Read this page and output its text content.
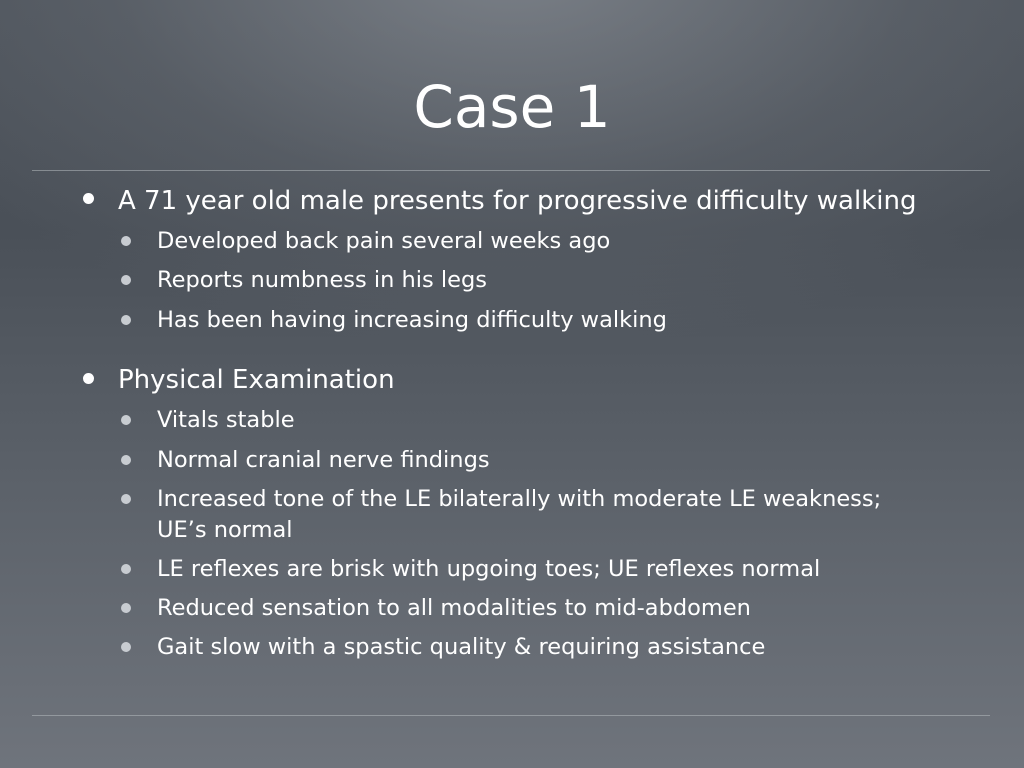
Case 1
A 71 year old male presents for progressive difficulty walking
Developed back pain several weeks ago
Reports numbness in his legs
Has been having increasing difficulty walking
Physical Examination
Vitals stable
Normal cranial nerve findings
Increased tone of the LE bilaterally with moderate LE weakness;
UE’s normal
LE reflexes are brisk with upgoing toes; UE reflexes normal
Reduced sensation to all modalities to mid-abdomen
Gait slow with a spastic quality & requiring assistance
